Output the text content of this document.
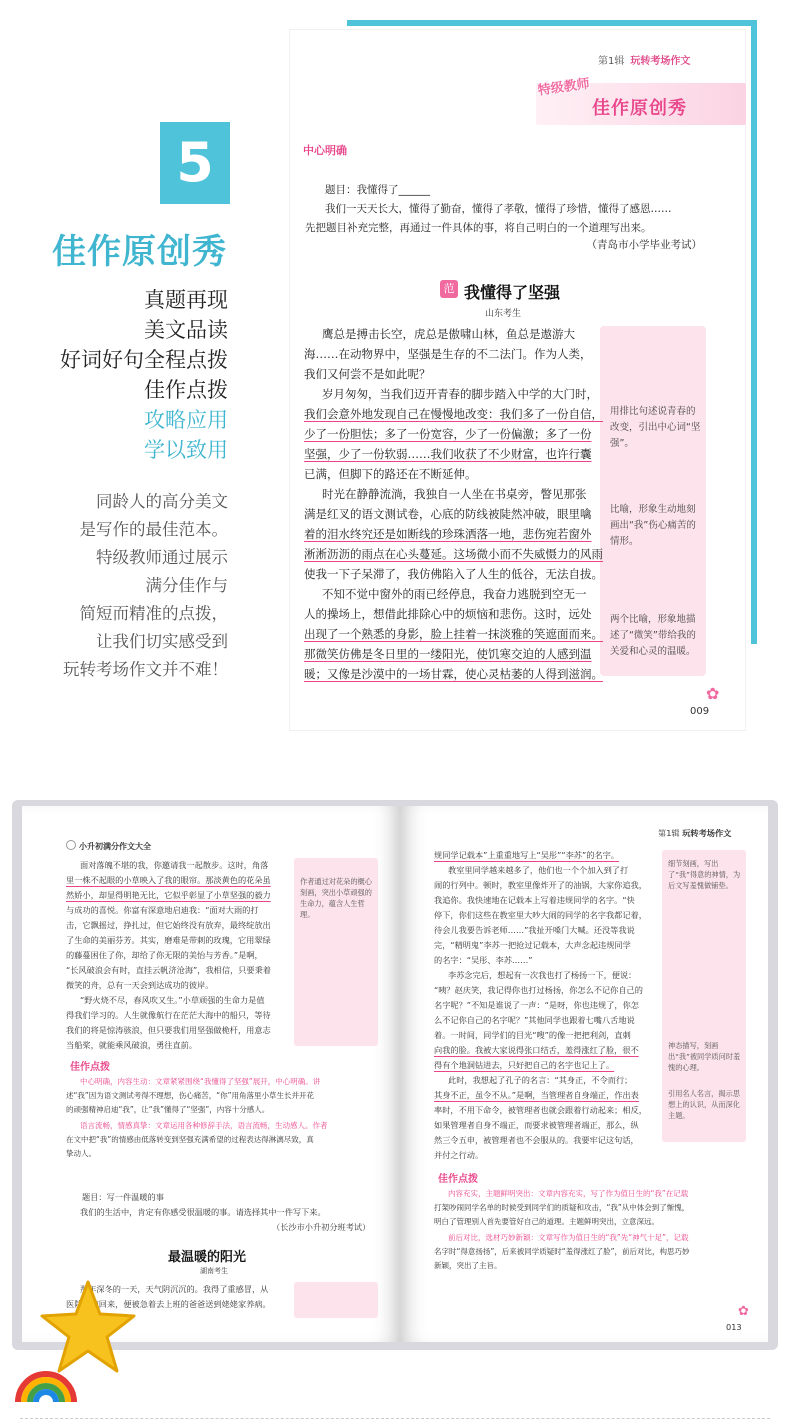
第1辑 玩转考场作文
特级教师
佳作原创秀
5
佳作原创秀
真题再现
美文品读
好词好句全程点拨
佳作点拨
攻略应用
学以致用
同龄人的高分美文
是写作的最佳范本。
特级教师通过展示
满分佳作与
简短而精准的点拨，
让我们切实感受到
玩转考场作文并不难！
中心明确
题目：我懂得了______
我们一天天长大，懂得了勤奋，懂得了孝敬，懂得了珍惜，懂得了感恩……
先把题目补充完整，再通过一件具体的事，将自己明白的一个道理写出来。
（青岛市小学毕业考试）
范 我懂得了坚强
山东考生
用排比句述说青春的改变，引出中心词“坚强”。
比喻，形象生动地刻画出“我”伤心痛苦的情形。
两个比喻，形象地描述了“微笑”带给我的关爱和心灵的温暖。
鹰总是搏击长空，虎总是傲啸山林，鱼总是遨游大
海……在动物界中，坚强是生存的不二法门。作为人类，
我们又何尝不是如此呢？
岁月匆匆，当我们迈开青春的脚步踏入中学的大门时，
我们会意外地发现自己在慢慢地改变：我们多了一份自信，
少了一份胆怯；多了一份宽容，少了一份偏激；多了一份
坚强，少了一份软弱……我们收获了不少财富，也许行囊
已满，但脚下的路还在不断延伸。
时光在静静流淌，我独自一人坐在书桌旁，瞥见那张
满是红叉的语文测试卷，心底的防线被陡然冲破，眼里噙
着的泪水终究还是如断线的珍珠洒落一地，悲伤宛若窗外
淅淅沥沥的雨点在心头蔓延。这场微小而不失威慑力的风雨
使我一下子呆滞了，我仿佛陷入了人生的低谷，无法自拔。
不知不觉中窗外的雨已经停息，我奋力逃脱到空无一
人的操场上，想借此排除心中的烦恼和悲伤。这时，远处
出现了一个熟悉的身影，脸上挂着一抹淡雅的笑遮面而来。
那微笑仿佛是冬日里的一缕阳光，使饥寒交迫的人感到温
暖；又像是沙漠中的一场甘霖，使心灵枯萎的人得到滋润。
✿
009
小升初满分作文大全
作者通过对花朵的概心刻画，突出小草顽强的生命力，蕴含人生哲理。
面对落魄不堪的我，你邀请我一起散步。这时，角落
里一株不起眼的小草映入了我的眼帘。那淡黄色的花朵虽
然娇小，却显得明艳无比，它似乎彰显了小草坚强的毅力
与成功的喜悦。你富有深意地启迪我：“面对大雨的打
击，它飘摇过，挣扎过，但它始终没有放弃，最终绽放出
了生命的美丽芬芳。其实，磨难是带刺的玫瑰，它用翠绿
的藤蔓困住了你，却给了你无限的美怡与芳香。”是啊，
“长风破浪会有时，直挂云帆济沧海”，我相信，只要秉着
微笑的舟，总有一天会到达成功的彼岸。
“野火烧不尽，春风吹又生。”小草顽强的生命力是值
得我们学习的。人生就像航行在茫茫大海中的船只，等待
我们的将是惊涛骇浪，但只要我们用坚强做桅杆，用意志
当船桨，就能乘风破浪，勇往直前。
佳作点拨
中心明确，内容生动：文章紧紧围绕“我懂得了坚强”展开，中心明确。讲
述“我”因为语文测试考得不理想，伤心痛苦，“你”用角落里小草生长并开花
的顽强精神启迪“我”，让“我”懂得了“坚强”，内容十分感人。
语言流畅，情感真挚：文章运用各种修辞手法，语言流畅，生动感人。作者
在文中把“我”的情感由低落转变到坚强充满希望的过程表达得淋漓尽致，真
挚动人。
题目：写一件温暖的事
我们的生活中，肯定有你感受很温暖的事。请选择其中一件写下来。
（长沙市小升初分班考试）
最温暖的阳光
湖南考生
那年深冬的一天，天气阴沉沉的。我得了重感冒，从
医院输液回来，便被急着去上班的爸爸送到姥姥家养病。
第1辑 玩转考场作文
细节刻画，写出了“我”得意的神情，为后文写羞愧做铺垫。
神态描写，刻画出“我”被同学质问时羞愧的心理。
引用名人名言，揭示思想上的认识，从而深化主题。
规同学记载本”上重重地写上“吴彤”“李苏”的名字。
教室里同学越来越多了，他们也一个个加入到了打
闹的行列中。顿时，教室里像炸开了的油锅，大家你追我，
我追你。我快速地在记载本上写着违规同学的名字。“快
停下，你们这些在教室里大吵大闹的同学的名字我都记着，
待会儿我要告诉老师……”我扯开嗓门大喊。还没等我说
完，“精明鬼”李苏一把抢过记载本，大声念起违规同学
的名字：“吴彤、李苏……”
李苏念完后，想起有一次我也打了杨扬一下，便说：
“咦？赵庆笑，我记得你也打过杨扬，你怎么不记你自己的
名字呢？”不知是谁说了一声：“是呀，你也违规了，你怎
么不记你自己的名字呢？”其他同学也跟着七嘴八舌地说
着。一时间，同学们的目光“嗖”的像一把把利剑，直刺
向我的脸。我被大家说得张口结舌，羞得涨红了脸，很不
得有个地洞钻进去，只好把自己的名字也记上了。
此时，我想起了孔子的名言：“其身正，不令而行；
其身不正，虽令不从。”是啊，当管理者自身端正，作出表
率时，不用下命令，被管理者也就会跟着行动起来；相反，
如果管理者自身不端正，而要求被管理者端正，那么，纵
然三令五申，被管理者也不会服从的。我要牢记这句话，
并付之行动。
佳作点拨
内容充实，主题鲜明突出：文章内容充实，写了作为值日生的“我”在记载
打架吵闹同学名单的时候受到同学们的质疑和攻击，“我”从中体会到了惭愧，
明白了管理别人首先要管好自己的道理。主题鲜明突出，立意深远。
前后对比，选材巧妙新颖：文章写作为值日生的“我”先“神气十足”，记载
名字时“得意扬扬”，后来被同学质疑时“羞得涨红了脸”，前后对比，构思巧妙
新颖，突出了主旨。
✿
013
